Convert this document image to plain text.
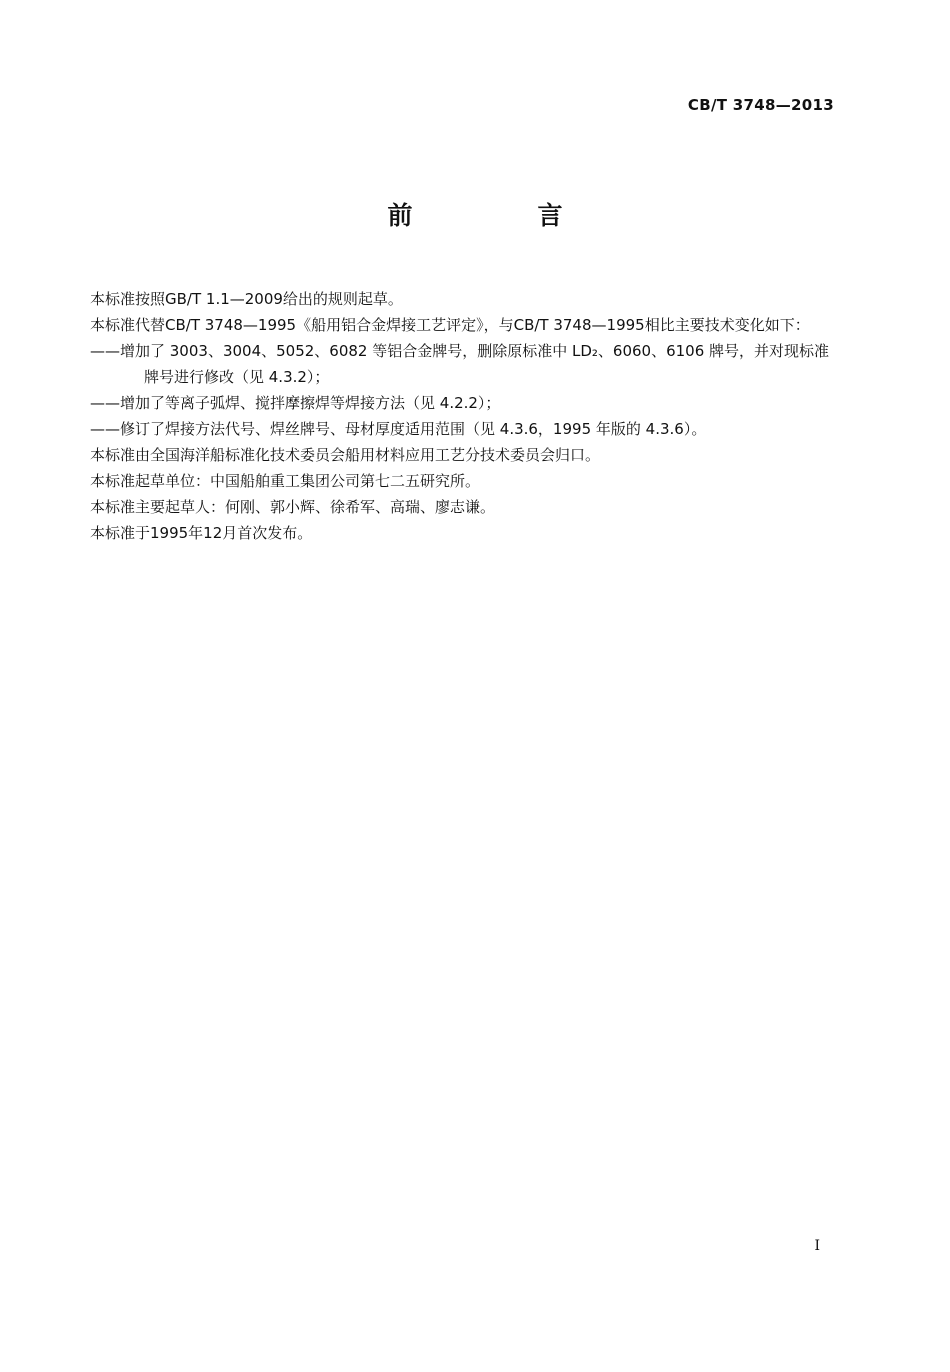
CB/T 3748—2013
前　言

本标准按照GB/T 1.1—2009给出的规则起草。

本标准代替CB/T 3748—1995《船用铝合金焊接工艺评定》，与CB/T 3748—1995相比主要技术变化如下：

——增加了 3003、3004、5052、6082 等铝合金牌号，删除原标准中 LD₂、6060、6106 牌号，并对现标准牌号进行修改（见 4.3.2）；

——增加了等离子弧焊、搅拌摩擦焊等焊接方法（见 4.2.2）；

——修订了焊接方法代号、焊丝牌号、母材厚度适用范围（见 4.3.6，1995 年版的 4.3.6）。

本标准由全国海洋船标准化技术委员会船用材料应用工艺分技术委员会归口。

本标准起草单位：中国船舶重工集团公司第七二五研究所。

本标准主要起草人：何刚、郭小辉、徐希军、高瑞、廖志谦。

本标准于1995年12月首次发布。

I
